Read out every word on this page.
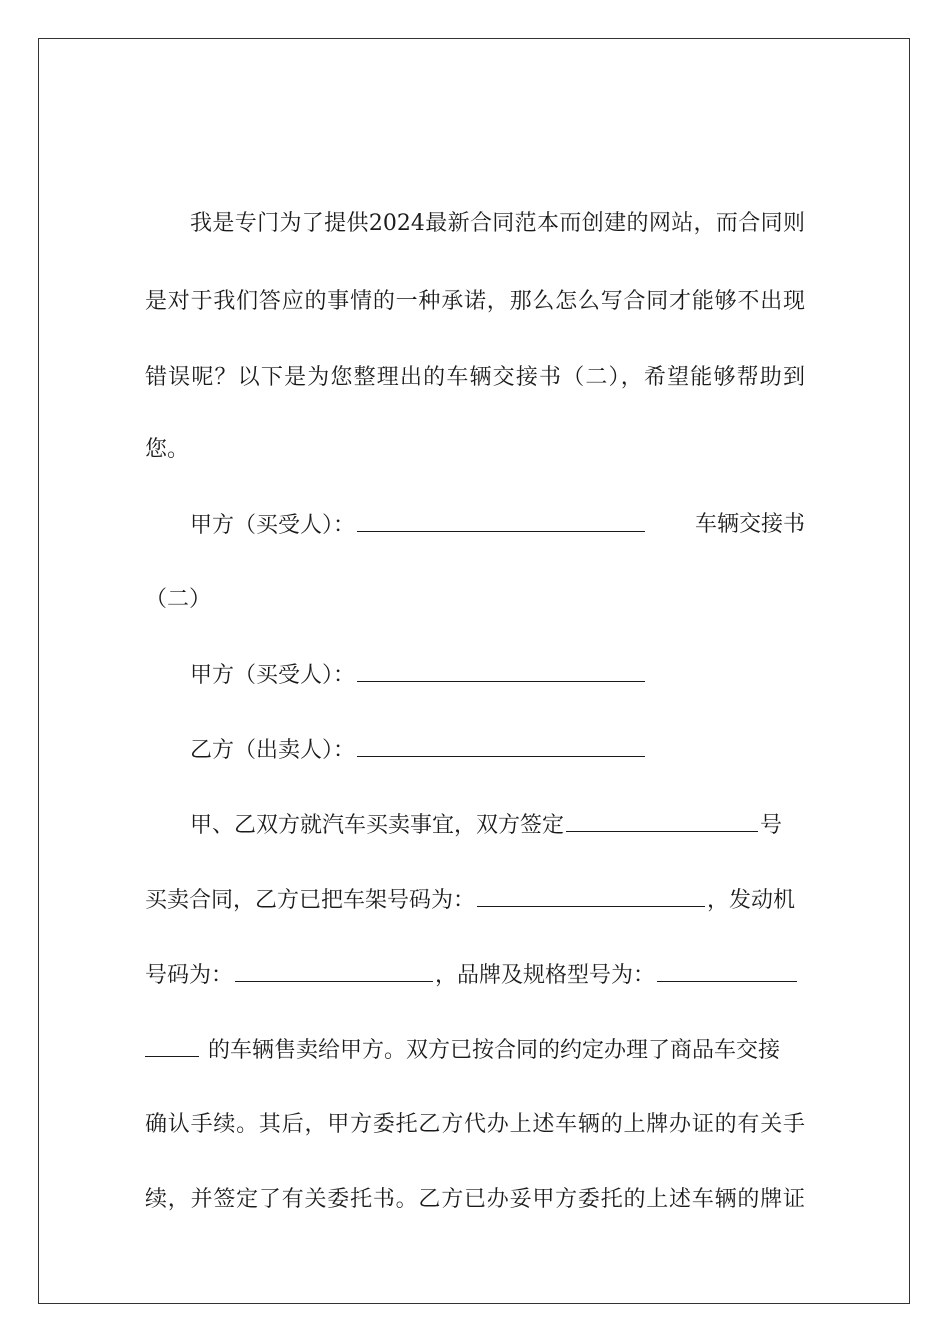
我是专门为了提供2024最新合同范本而创建的网站，而合同则
是对于我们答应的事情的一种承诺，那么怎么写合同才能够不出现
错误呢？以下是为您整理出的车辆交接书（二），希望能够帮助到
您。
甲方（买受人）：	车辆交接书
（二）
甲方（买受人）：
乙方（出卖人）：
甲、乙双方就汽车买卖事宜，双方签定	号
买卖合同，乙方已把车架号码为：	，发动机
号码为：	，品牌及规格型号为：
的车辆售卖给甲方。双方已按合同的约定办理了商品车交接
确认手续。其后，甲方委托乙方代办上述车辆的上牌办证的有关手
续，并签定了有关委托书。乙方已办妥甲方委托的上述车辆的牌证
